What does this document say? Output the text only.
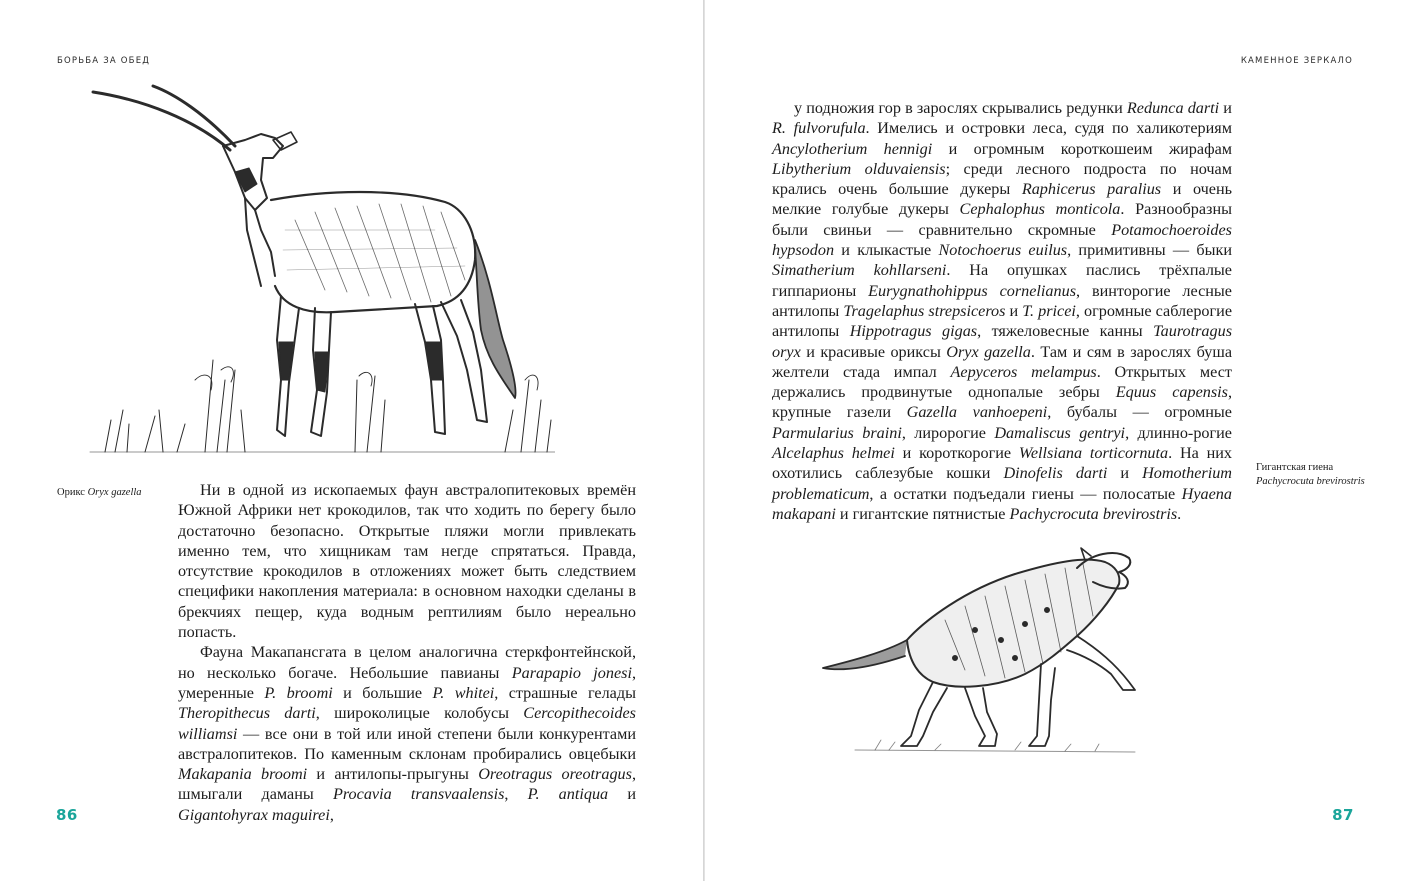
БОРЬБА ЗА ОБЕД
Орикс Oryx gazella	Ни в одной из ископаемых фаун австралопитековых времён Южной Африки нет крокодилов, так что ходить по берегу было достаточно безопасно. Открытые пляжи могли привлекать именно тем, что хищникам там негде спрятаться. Правда, отсутствие крокодилов в отложениях может быть следствием специфики накопления материала: в основном находки сделаны в брекчиях пещер, куда водным рептилиям было нереально попасть.

Фауна Макапансгата в целом аналогична стеркфонтейнской, но несколько богаче. Небольшие павианы Parapapio jonesi, умеренные P. broomi и большие P. whitei, страшные гелады Theropithecus darti, широколицые колобусы Cercopithecoides williamsi — все они в той или иной степени были конкурентами австралопитеков. По каменным склонам пробирались овцебыки Makapania broomi и антилопы-прыгуны Oreotragus oreotragus, шмыгали даманы Procavia transvaalensis, P. antiqua и Gigantohyrax maguirei,

86
КАМЕННОЕ ЗЕРКАЛО

у подножия гор в зарослях скрывались редунки Redunca darti и R. fulvorufula. Имелись и островки леса, судя по халикотериям Ancylotherium hennigi и огромным короткошеим жирафам Libytherium olduvaiensis; среди лесного подроста по ночам крались очень большие дукеры Raphicerus paralius и очень мелкие голубые дукеры Cephalophus monticola. Разнообразны были свиньи — сравнительно скромные Potamochoeroides hypsodon и клыкастые Notochoerus euilus, примитивны — быки Simatherium kohllarseni. На опушках паслись трёхпалые гиппарионы Eurygnathohippus cornelianus, винторогие лесные антилопы Tragelaphus strepsiceros и T. pricei, огромные саблерогие антилопы Hippotragus gigas, тяжеловесные канны Taurotragus oryx и красивые ориксы Oryx gazella. Там и сям в зарослях буша желтели стада импал Aepyceros melampus. Открытых мест держались продвинутые однопалые зебры Equus capensis, крупные газели Gazella vanhoepeni, бубалы — огромные Parmularius braini, лиророгие Damaliscus gentryi, длинно-рогие Alcelaphus helmei и короткорогие Wellsiana torticornuta. На них охотились саблезубые кошки Dinofelis darti и Homotherium problematicum, а остатки подъедали гиены — полосатые Hyaena makapani и гигантские пятнистые Pachycrocuta brevirostris.

Гигантская гиена
Pachycrocuta brevirostris
87
